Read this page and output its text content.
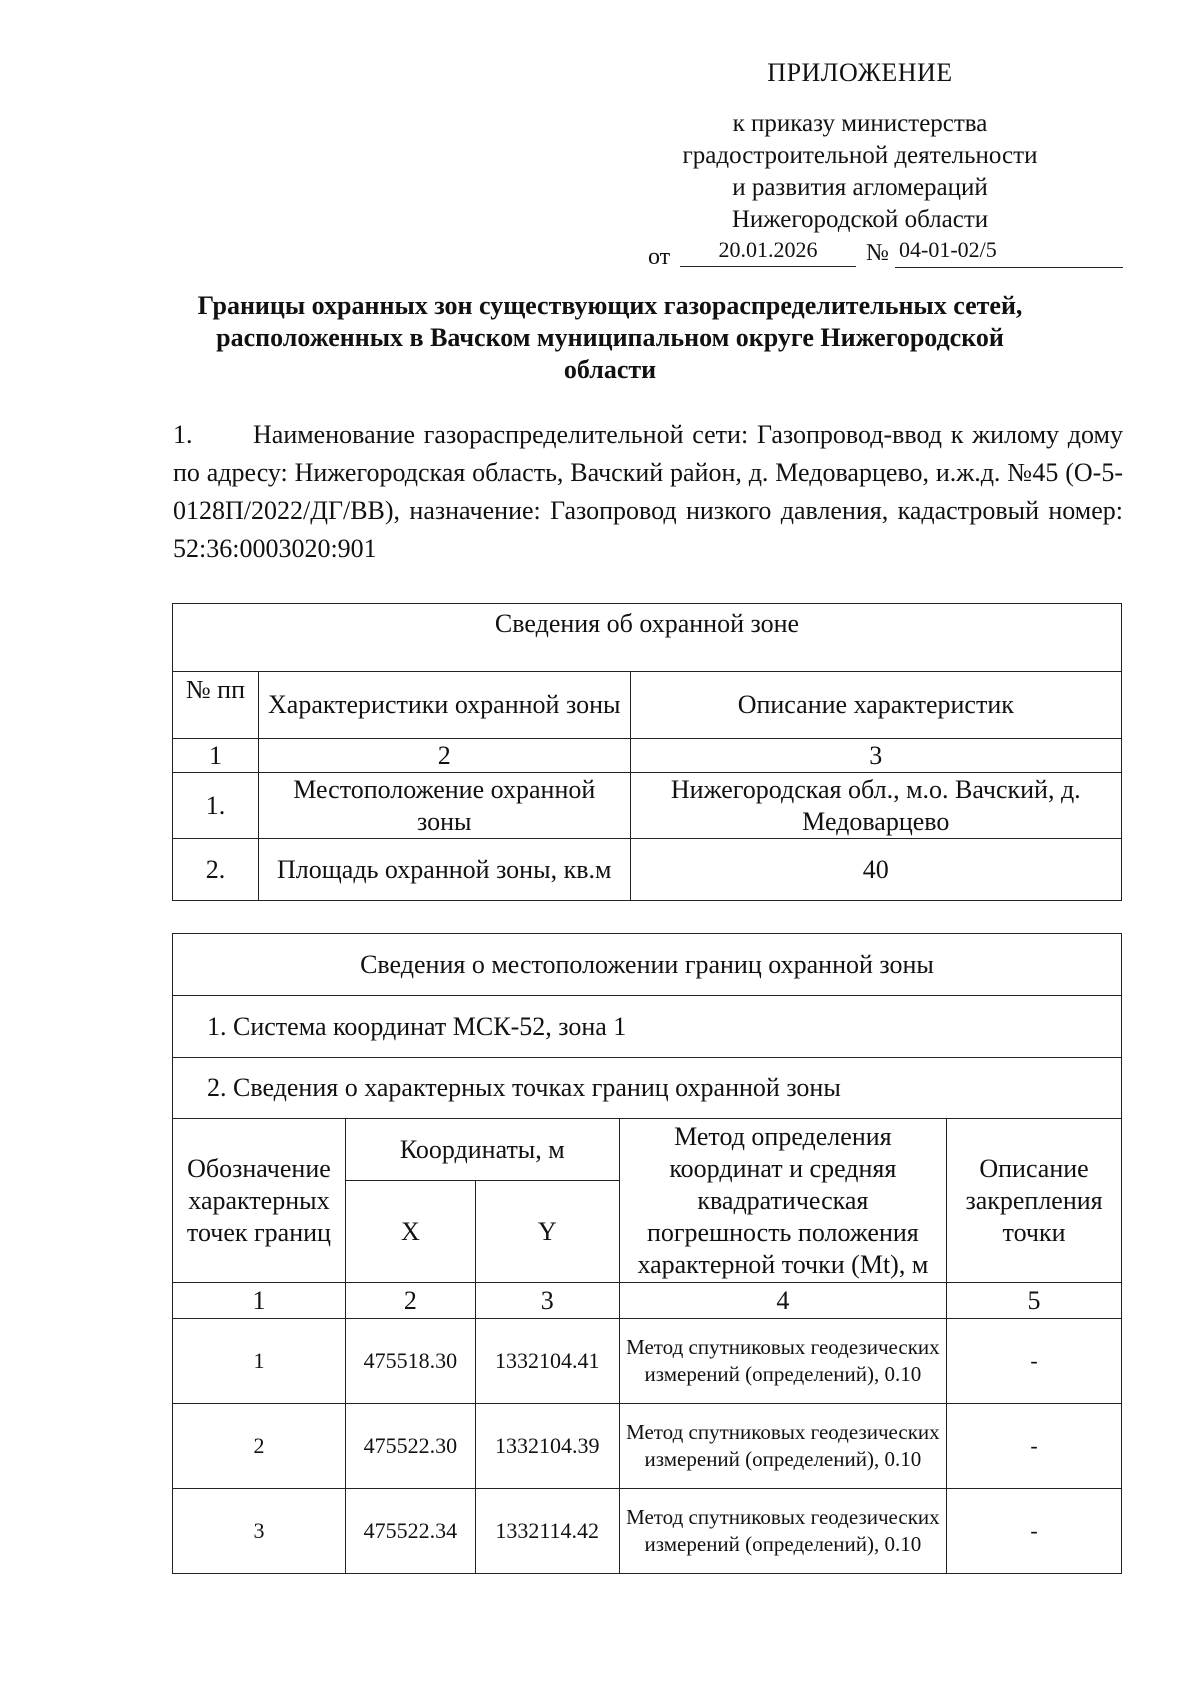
ПРИЛОЖЕНИЕ
к приказу министерства
градостроительной деятельности
и развития агломераций
Нижегородской области
от	20.01.2026	№ 04-01-02/5
Границы охранных зон существующих газораспределительных сетей,
расположенных в Вачском муниципальном округе Нижегородской
области
1. Наименование газораспределительной сети: Газопровод-ввод к жилому дому по адресу: Нижегородская область, Вачский район, д. Медоварцево, и.ж.д. №45 (О-5-0128П/2022/ДГ/ВВ), назначение: Газопровод низкого давления, кадастровый номер: 52:36:0003020:901
Сведения об охранной зоне		
№ пп	Характеристики охранной зоны	Описание характеристик
1	2	3
1.	Местоположение охранной зоны	Нижегородская обл., м.о. Вачский, д. Медоварцево
2.	Площадь охранной зоны, кв.м	40
Сведения о местоположении границ охранной зоны				
1. Система координат МСК-52, зона 1				
2. Сведения о характерных точках границ охранной зоны				
Обозначение характерных точек границ	Координаты, м		Метод определения координат и средняя квадратическая погрешность положения характерной точки (Mt), м	Описание закрепления точки
	X	Y		
1	2	3	4	5
1	475518.30	1332104.41	Метод спутниковых геодезических измерений (определений), 0.10	-
2	475522.30	1332104.39	Метод спутниковых геодезических измерений (определений), 0.10	-
3	475522.34	1332114.42	Метод спутниковых геодезических измерений (определений), 0.10	-
